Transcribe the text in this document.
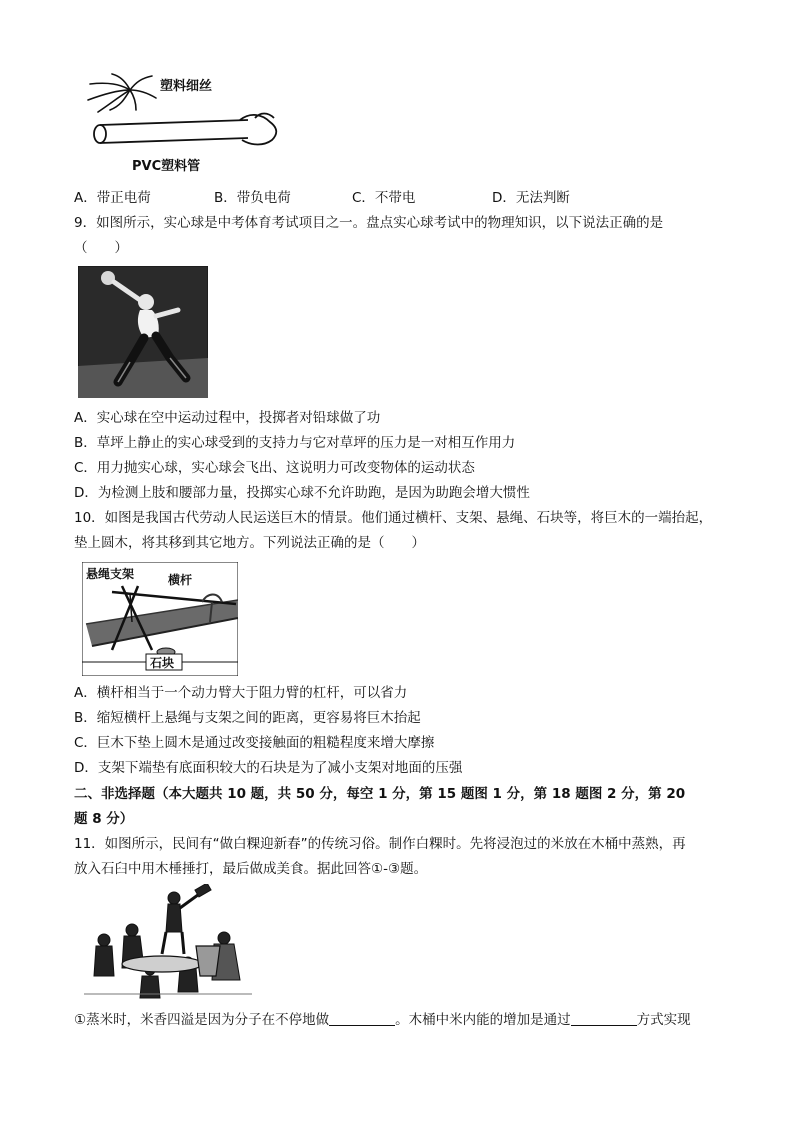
塑料细丝
PVC塑料管
A．带正电荷	B．带负电荷	C．不带电	D．无法判断
9．如图所示，实心球是中考体育考试项目之一。盘点实心球考试中的物理知识，以下说法正确的是
（　　）
A．实心球在空中运动过程中，投掷者对铅球做了功
B．草坪上静止的实心球受到的支持力与它对草坪的压力是一对相互作用力
C．用力抛实心球，实心球会飞出、这说明力可改变物体的运动状态
D．为检测上肢和腰部力量，投掷实心球不允许助跑，是因为助跑会增大惯性
10．如图是我国古代劳动人民运送巨木的情景。他们通过横杆、支架、悬绳、石块等，将巨木的一端抬起，
垫上圆木，将其移到其它地方。下列说法正确的是（　　）
悬绳支架	横杆
石块
A．横杆相当于一个动力臂大于阻力臂的杠杆，可以省力
B．缩短横杆上悬绳与支架之间的距离，更容易将巨木抬起
C．巨木下垫上圆木是通过改变接触面的粗糙程度来增大摩擦
D．支架下端垫有底面积较大的石块是为了减小支架对地面的压强
二、非选择题（本大题共 10 题，共 50 分，每空 1 分，第 15 题图 1 分，第 18 题图 2 分，第 20
题 8 分）
11．如图所示，民间有“做白粿迎新春”的传统习俗。制作白粿时。先将浸泡过的米放在木桶中蒸熟，再
放入石臼中用木棰捶打，最后做成美食。据此回答①-③题。
①蒸米时，米香四溢是因为分子在不停地做	。木桶中米内能的增加是通过	方式实现
